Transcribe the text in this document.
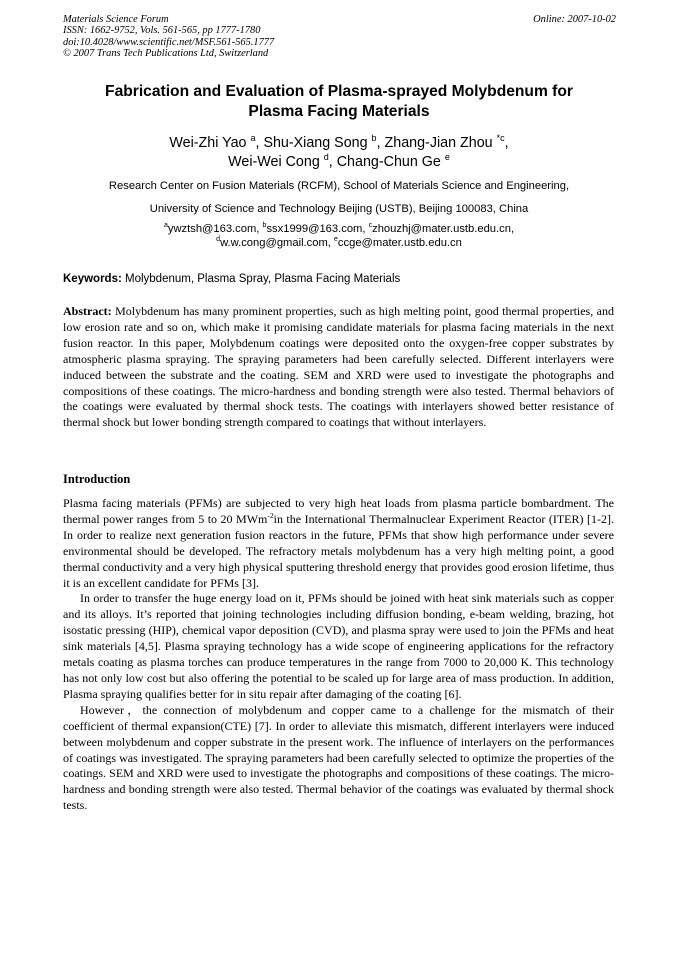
Materials Science Forum
ISSN: 1662-9752, Vols. 561-565, pp 1777-1780
doi:10.4028/www.scientific.net/MSF.561-565.1777
© 2007 Trans Tech Publications Ltd, Switzerland
Online: 2007-10-02
Fabrication and Evaluation of Plasma-sprayed Molybdenum for
Plasma Facing Materials
Wei-Zhi Yao $^a$, Shu-Xiang Song $^b$, Zhang-Jian Zhou $^{*c}$,
Wei-Wei Cong $^d$, Chang-Chun Ge $^e$
Research Center on Fusion Materials (RCFM), School of Materials Science and Engineering,
University of Science and Technology Beijing (USTB), Beijing 100083, China
$^a$ywztsh@163.com, $^b$ssx1999@163.com, $^c$zhouzhj@mater.ustb.edu.cn,
$^d$w.w.cong@gmail.com, $^e$ccge@mater.ustb.edu.cn
Keywords: Molybdenum, Plasma Spray, Plasma Facing Materials

Abstract: Molybdenum has many prominent properties, such as high melting point, good thermal properties, and low erosion rate and so on, which make it promising candidate materials for plasma facing materials in the next fusion reactor. In this paper, Molybdenum coatings were deposited onto the oxygen-free copper substrates by atmospheric plasma spraying. The spraying parameters had been carefully selected. Different interlayers were induced between the substrate and the coating. SEM and XRD were used to investigate the photographs and compositions of these coatings. The micro-hardness and bonding strength were also tested. Thermal behaviors of the coatings were evaluated by thermal shock tests. The coatings with interlayers showed better resistance of thermal shock but lower bonding strength compared to coatings that without interlayers.

Introduction

Plasma facing materials (PFMs) are subjected to very high heat loads from plasma particle bombardment. The thermal power ranges from 5 to 20 MWm$^{-2}$in the International Thermalnuclear Experiment Reactor (ITER) [1-2]. In order to realize next generation fusion reactors in the future, PFMs that show high performance under severe environmental should be developed. The refractory metals molybdenum has a very high melting point, a good thermal conductivity and a very high physical sputtering threshold energy that provides good erosion lifetime, thus it is an excellent candidate for PFMs [3].

In order to transfer the huge energy load on it, PFMs should be joined with heat sink materials such as copper and its alloys. It’s reported that joining technologies including diffusion bonding, e-beam welding, brazing, hot isostatic pressing (HIP), chemical vapor deposition (CVD), and plasma spray were used to join the PFMs and heat sink materials [4,5]. Plasma spraying technology has a wide scope of engineering applications for the refractory metals coating as plasma torches can produce temperatures in the range from 7000 to 20,000 K. This technology has not only low cost but also offering the potential to be scaled up for large area of mass production. In addition, Plasma spraying qualifies better for in situ repair after damaging of the coating [6].

However，the connection of molybdenum and copper came to a challenge for the mismatch of their coefficient of thermal expansion(CTE) [7]. In order to alleviate this mismatch, different interlayers were induced between molybdenum and copper substrate in the present work. The influence of interlayers on the performances of coatings was investigated. The spraying parameters had been carefully selected to optimize the properties of the coatings. SEM and XRD were used to investigate the photographs and compositions of these coatings. The micro-hardness and bonding strength were also tested. Thermal behavior of the coatings was evaluated by thermal shock tests.
